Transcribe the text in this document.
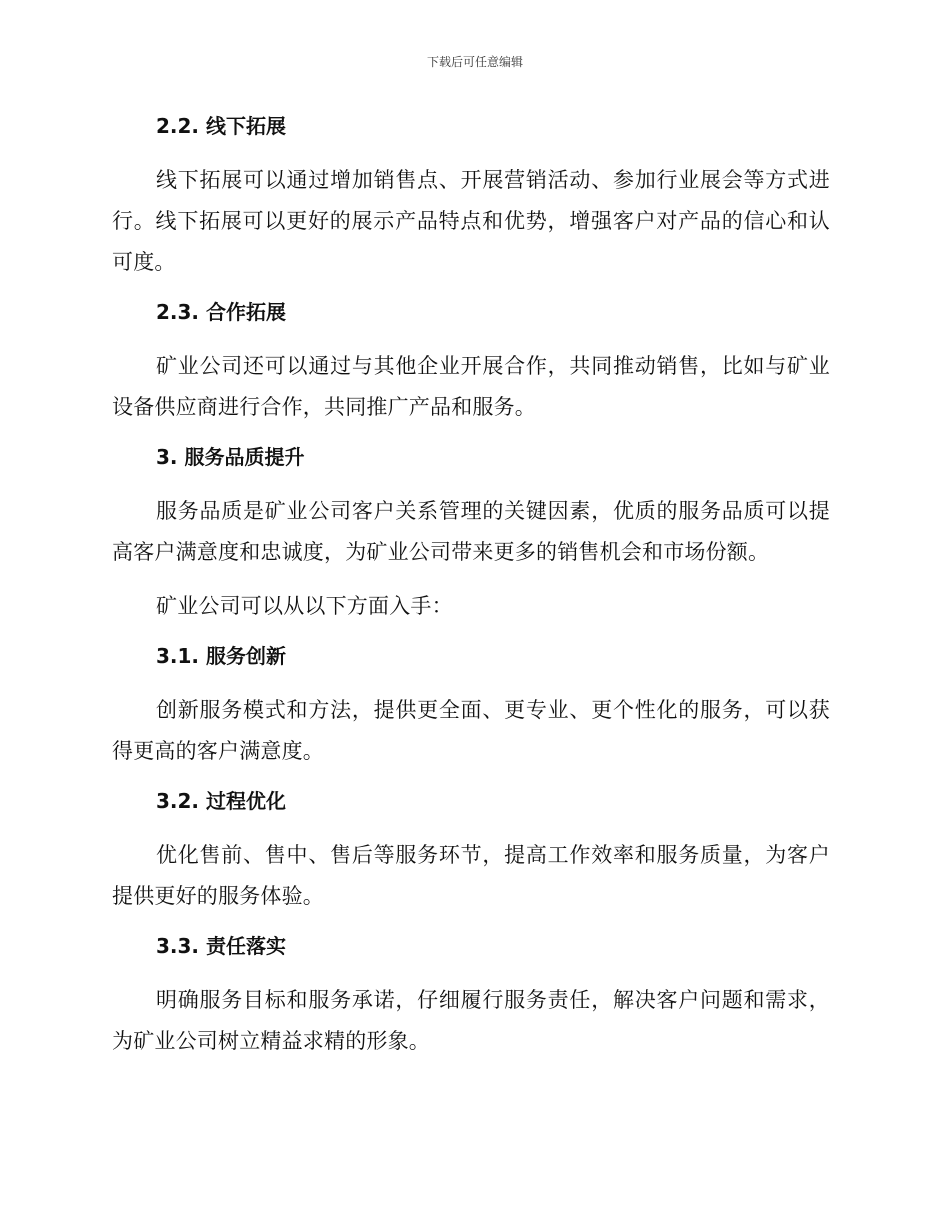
下载后可任意编辑
2.2. 线下拓展

线下拓展可以通过增加销售点、开展营销活动、参加行业展会等方式进行。线下拓展可以更好的展示产品特点和优势，增强客户对产品的信心和认可度。

2.3. 合作拓展

矿业公司还可以通过与其他企业开展合作，共同推动销售，比如与矿业设备供应商进行合作，共同推广产品和服务。

3. 服务品质提升

服务品质是矿业公司客户关系管理的关键因素，优质的服务品质可以提高客户满意度和忠诚度，为矿业公司带来更多的销售机会和市场份额。

矿业公司可以从以下方面入手：

3.1. 服务创新

创新服务模式和方法，提供更全面、更专业、更个性化的服务，可以获得更高的客户满意度。

3.2. 过程优化

优化售前、售中、售后等服务环节，提高工作效率和服务质量，为客户提供更好的服务体验。

3.3. 责任落实

明确服务目标和服务承诺，仔细履行服务责任，解决客户问题和需求，为矿业公司树立精益求精的形象。
